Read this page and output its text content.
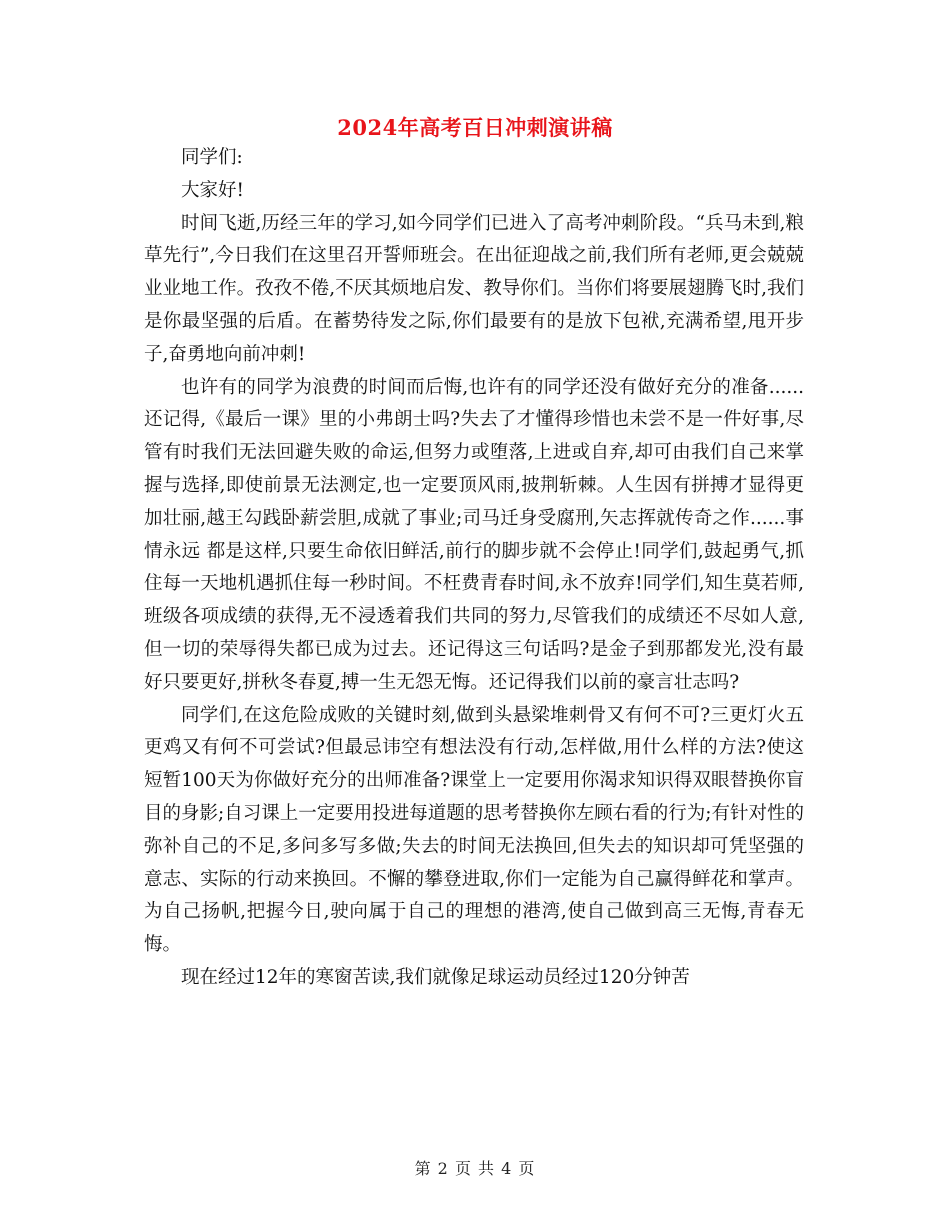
2024年高考百日冲刺演讲稿

同学们:

大家好!

时间飞逝,历经三年的学习,如今同学们已进入了高考冲刺阶段。“兵马未到,粮草先行”,今日我们在这里召开誓师班会。在出征迎战之前,我们所有老师,更会兢兢业业地工作。孜孜不倦,不厌其烦地启发、教导你们。当你们将要展翅腾飞时,我们是你最坚强的后盾。在蓄势待发之际,你们最要有的是放下包袱,充满希望,甩开步子,奋勇地向前冲刺!

也许有的同学为浪费的时间而后悔,也许有的同学还没有做好充分的准备......还记得,《最后一课》里的小弗朗士吗?失去了才懂得珍惜也未尝不是一件好事,尽管有时我们无法回避失败的命运,但努力或堕落,上进或自弃,却可由我们自己来掌握与选择,即使前景无法测定,也一定要顶风雨,披荆斩棘。人生因有拼搏才显得更加壮丽,越王勾践卧薪尝胆,成就了事业;司马迁身受腐刑,矢志挥就传奇之作......事情永远 都是这样,只要生命依旧鲜活,前行的脚步就不会停止!同学们,鼓起勇气,抓住每一天地机遇抓住每一秒时间。不枉费青春时间,永不放弃!同学们,知生莫若师,班级各项成绩的获得,无不浸透着我们共同的努力,尽管我们的成绩还不尽如人意,但一切的荣辱得失都已成为过去。还记得这三句话吗?是金子到那都发光,没有最好只要更好,拼秋冬春夏,搏一生无怨无悔。还记得我们以前的豪言壮志吗?

同学们,在这危险成败的关键时刻,做到头悬梁堆刺骨又有何不可?三更灯火五更鸡又有何不可尝试?但最忌讳空有想法没有行动,怎样做,用什么样的方法?使这短暂100天为你做好充分的出师准备?课堂上一定要用你渴求知识得双眼替换你盲目的身影;自习课上一定要用投进每道题的思考替换你左顾右看的行为;有针对性的弥补自己的不足,多问多写多做;失去的时间无法换回,但失去的知识却可凭坚强的意志、实际的行动来换回。不懈的攀登进取,你们一定能为自己赢得鲜花和掌声。为自己扬帆,把握今日,驶向属于自己的理想的港湾,使自己做到高三无悔,青春无悔。

现在经过12年的寒窗苦读,我们就像足球运动员经过120分钟苦

第 2 页 共 4 页
